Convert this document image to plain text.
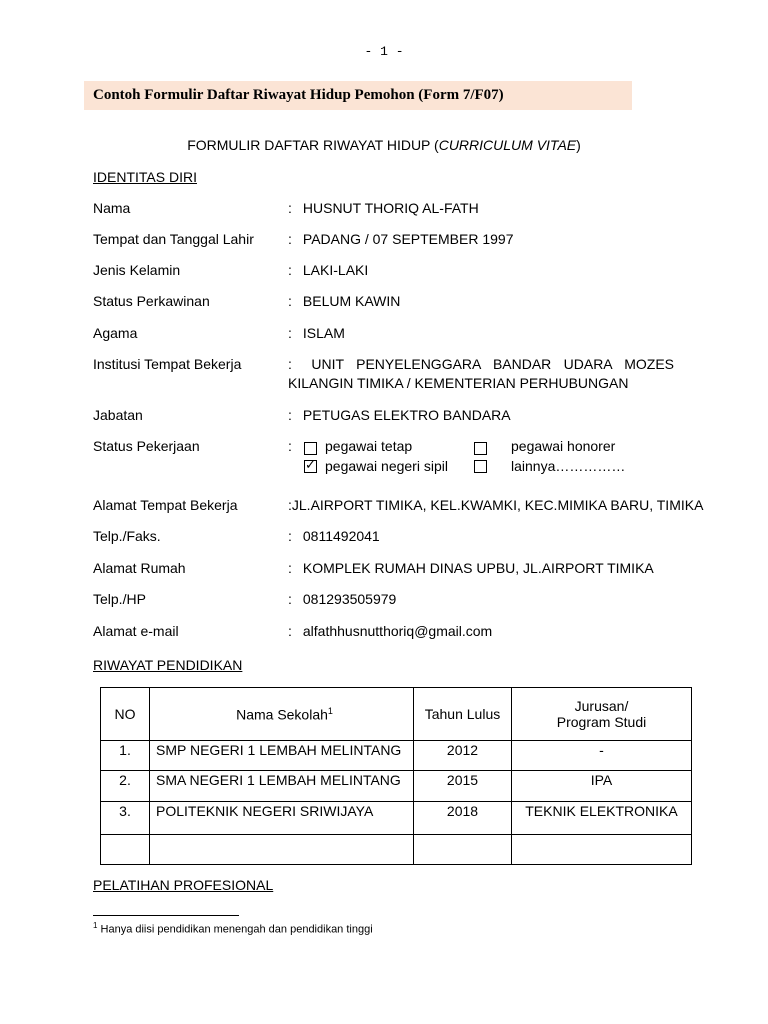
- 1 -
Contoh Formulir Daftar Riwayat Hidup Pemohon (Form 7/F07)
FORMULIR DAFTAR RIWAYAT HIDUP (CURRICULUM VITAE)
IDENTITAS DIRI
Nama	: HUSNUT THORIQ AL-FATH
Tempat dan Tanggal Lahir : PADANG / 07 SEPTEMBER 1997
Jenis Kelamin	: LAKI-LAKI
Status Perkawinan	: BELUM KAWIN
Agama	: ISLAM
Institusi Tempat Bekerja	: UNIT PENYELENGGARA BANDAR UDARA MOZES KILANGIN TIMIKA / KEMENTERIAN PERHUBUNGAN
Jabatan	: PETUGAS ELEKTRO BANDARA
Status Pekerjaan	:	pegawai tetap	pegawai honorer
✓ pegawai negeri sipil	lainnya……………
Alamat Tempat Bekerja	:JL.AIRPORT TIMIKA, KEL.KWAMKI, KEC.MIMIKA BARU, TIMIKA
Telp./Faks.	: 0811492041
Alamat Rumah	: KOMPLEK RUMAH DINAS UPBU, JL.AIRPORT TIMIKA
Telp./HP	: 081293505979
Alamat e-mail	: alfathhusnutthoriq@gmail.com
RIWAYAT PENDIDIKAN
NO	Nama Sekolah$^1$	Tahun Lulus	Jurusan/
Program Studi
1.	SMP NEGERI 1 LEMBAH MELINTANG	2012	-
2.	SMA NEGERI 1 LEMBAH MELINTANG	2015	IPA
3.	POLITEKNIK NEGERI SRIWIJAYA	2018	TEKNIK ELEKTRONIKA

PELATIHAN PROFESIONAL
$^1$ Hanya diisi pendidikan menengah dan pendidikan tinggi
